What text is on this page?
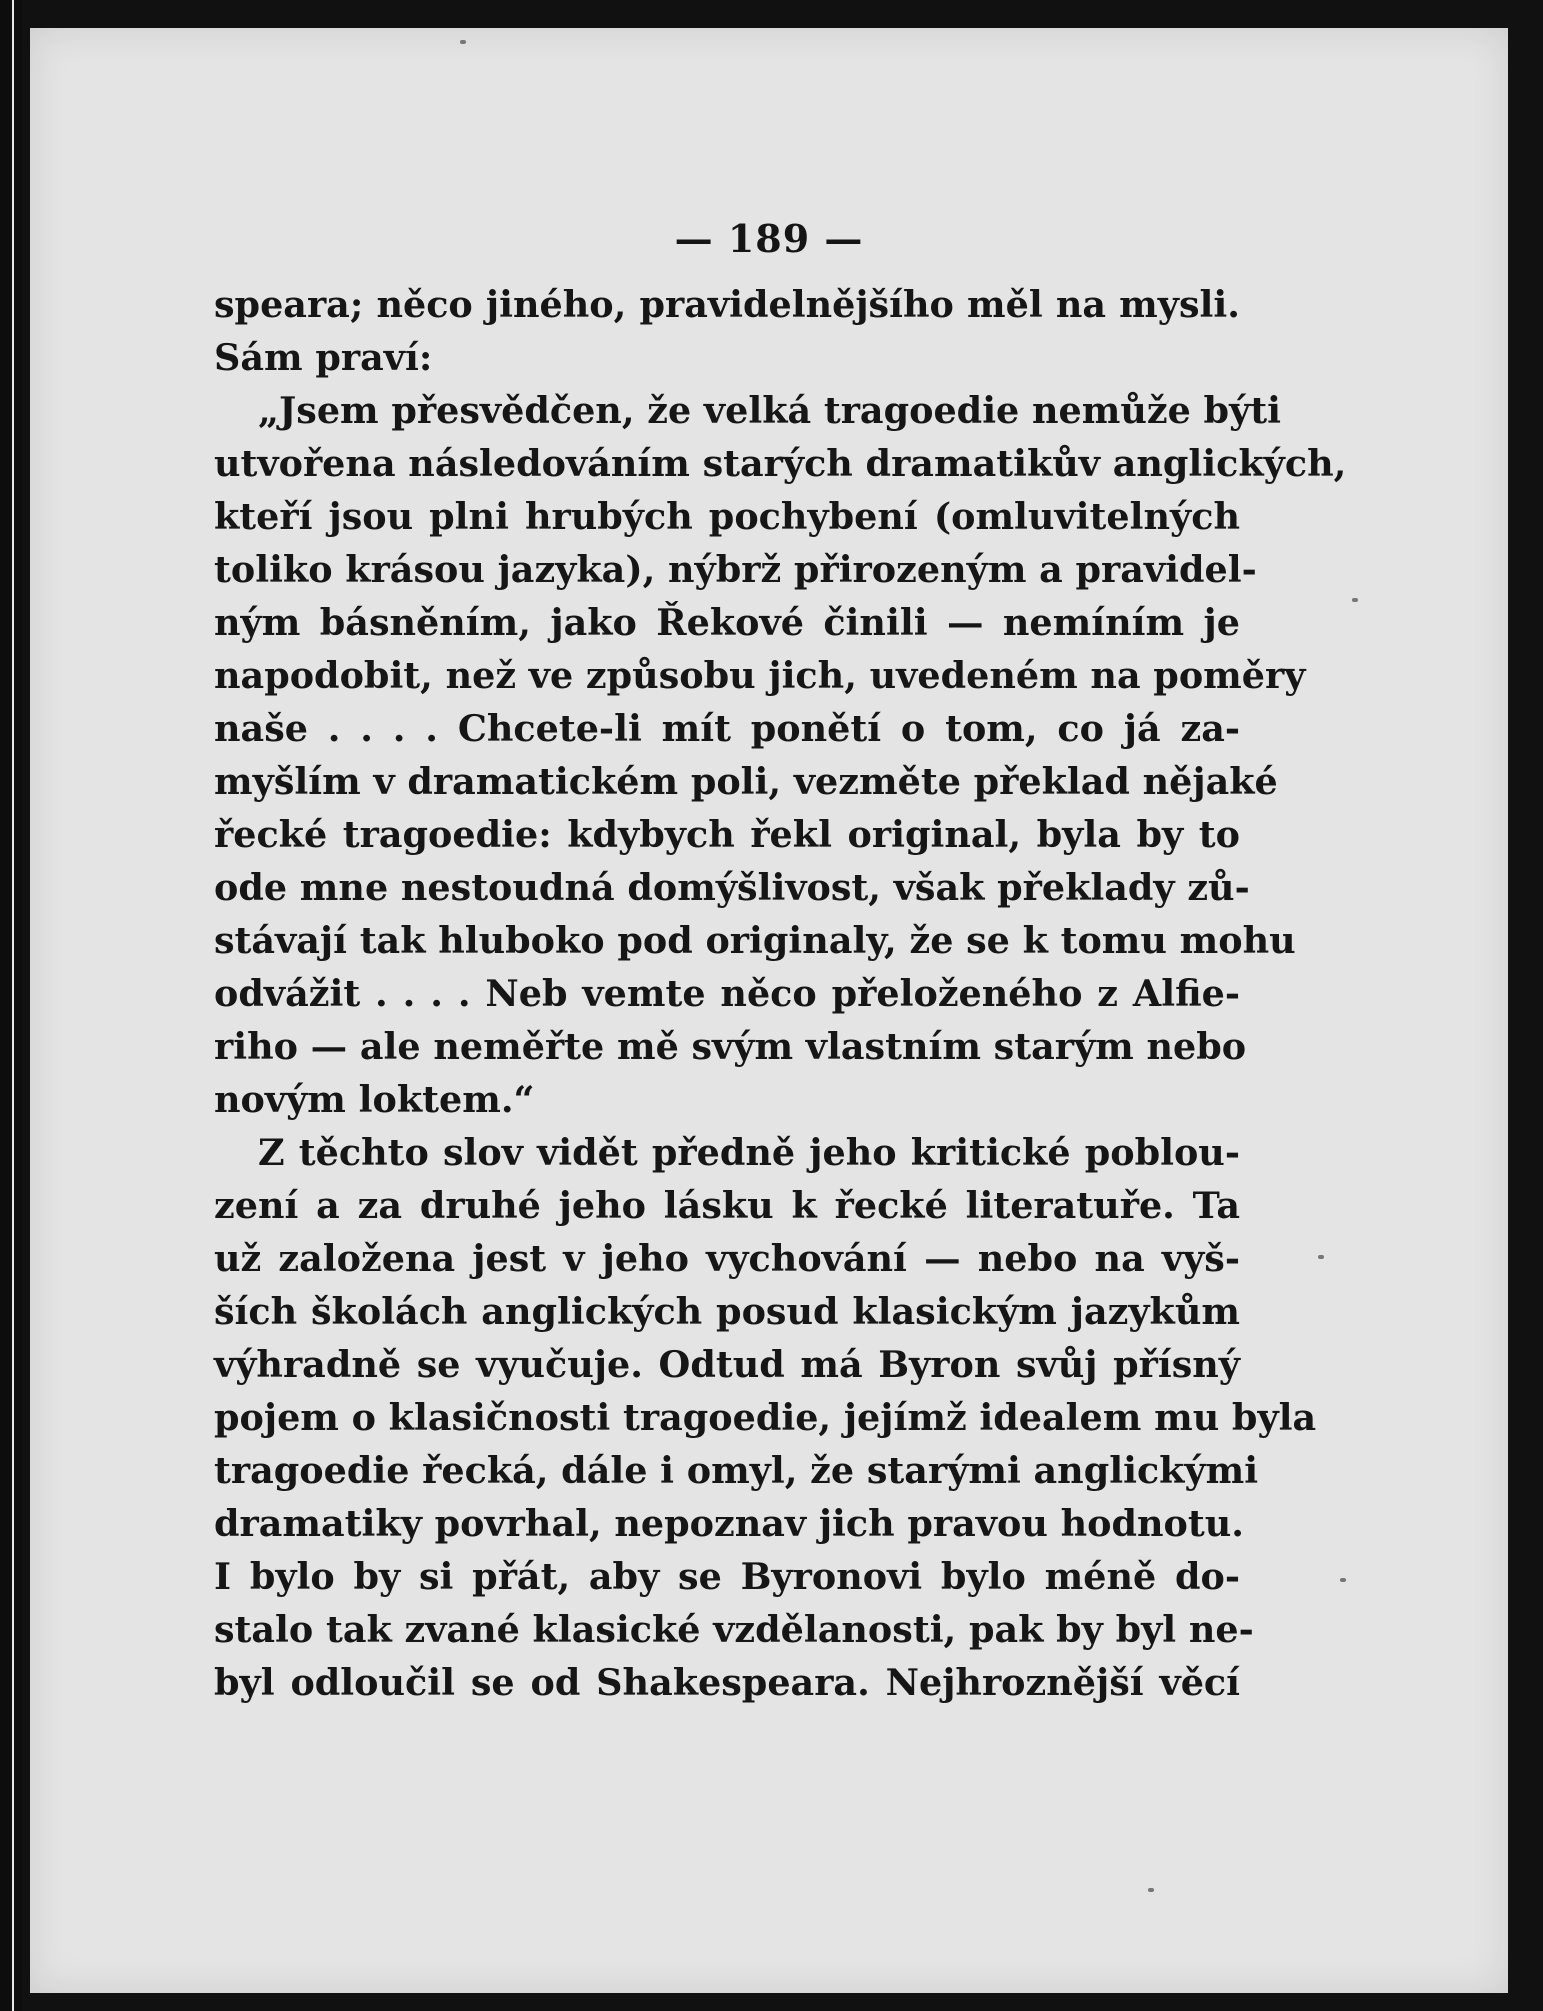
— 189 —
speara; něco jiného, pravidelnějšího měl na mysli.
Sám praví:
„Jsem přesvědčen, že velká tragoedie nemůže býti
utvořena následováním starých dramatikův anglických,
kteří jsou plni hrubých pochybení (omluvitelných
toliko krásou jazyka), nýbrž přirozeným a pravidel-
ným básněním, jako Řekové činili — nemíním je
napodobit, než ve způsobu jich, uvedeném na poměry
naše . . . . Chcete-li mít ponětí o tom, co já za-
myšlím v dramatickém poli, vezměte překlad nějaké
řecké tragoedie: kdybych řekl original, byla by to
ode mne nestoudná domýšlivost, však překlady zů-
stávají tak hluboko pod originaly, že se k tomu mohu
odvážit . . . . Neb vemte něco přeloženého z Alfie-
riho — ale neměřte mě svým vlastním starým nebo
novým loktem.“
Z těchto slov vidět předně jeho kritické poblou-
zení a za druhé jeho lásku k řecké literatuře. Ta
už založena jest v jeho vychování — nebo na vyš-
ších školách anglických posud klasickým jazykům
výhradně se vyučuje. Odtud má Byron svůj přísný
pojem o klasičnosti tragoedie, jejímž idealem mu byla
tragoedie řecká, dále i omyl, že starými anglickými
dramatiky povrhal, nepoznav jich pravou hodnotu.
I bylo by si přát, aby se Byronovi bylo méně do-
stalo tak zvané klasické vzdělanosti, pak by byl ne-
byl odloučil se od Shakespeara. Nejhroznější věcí
